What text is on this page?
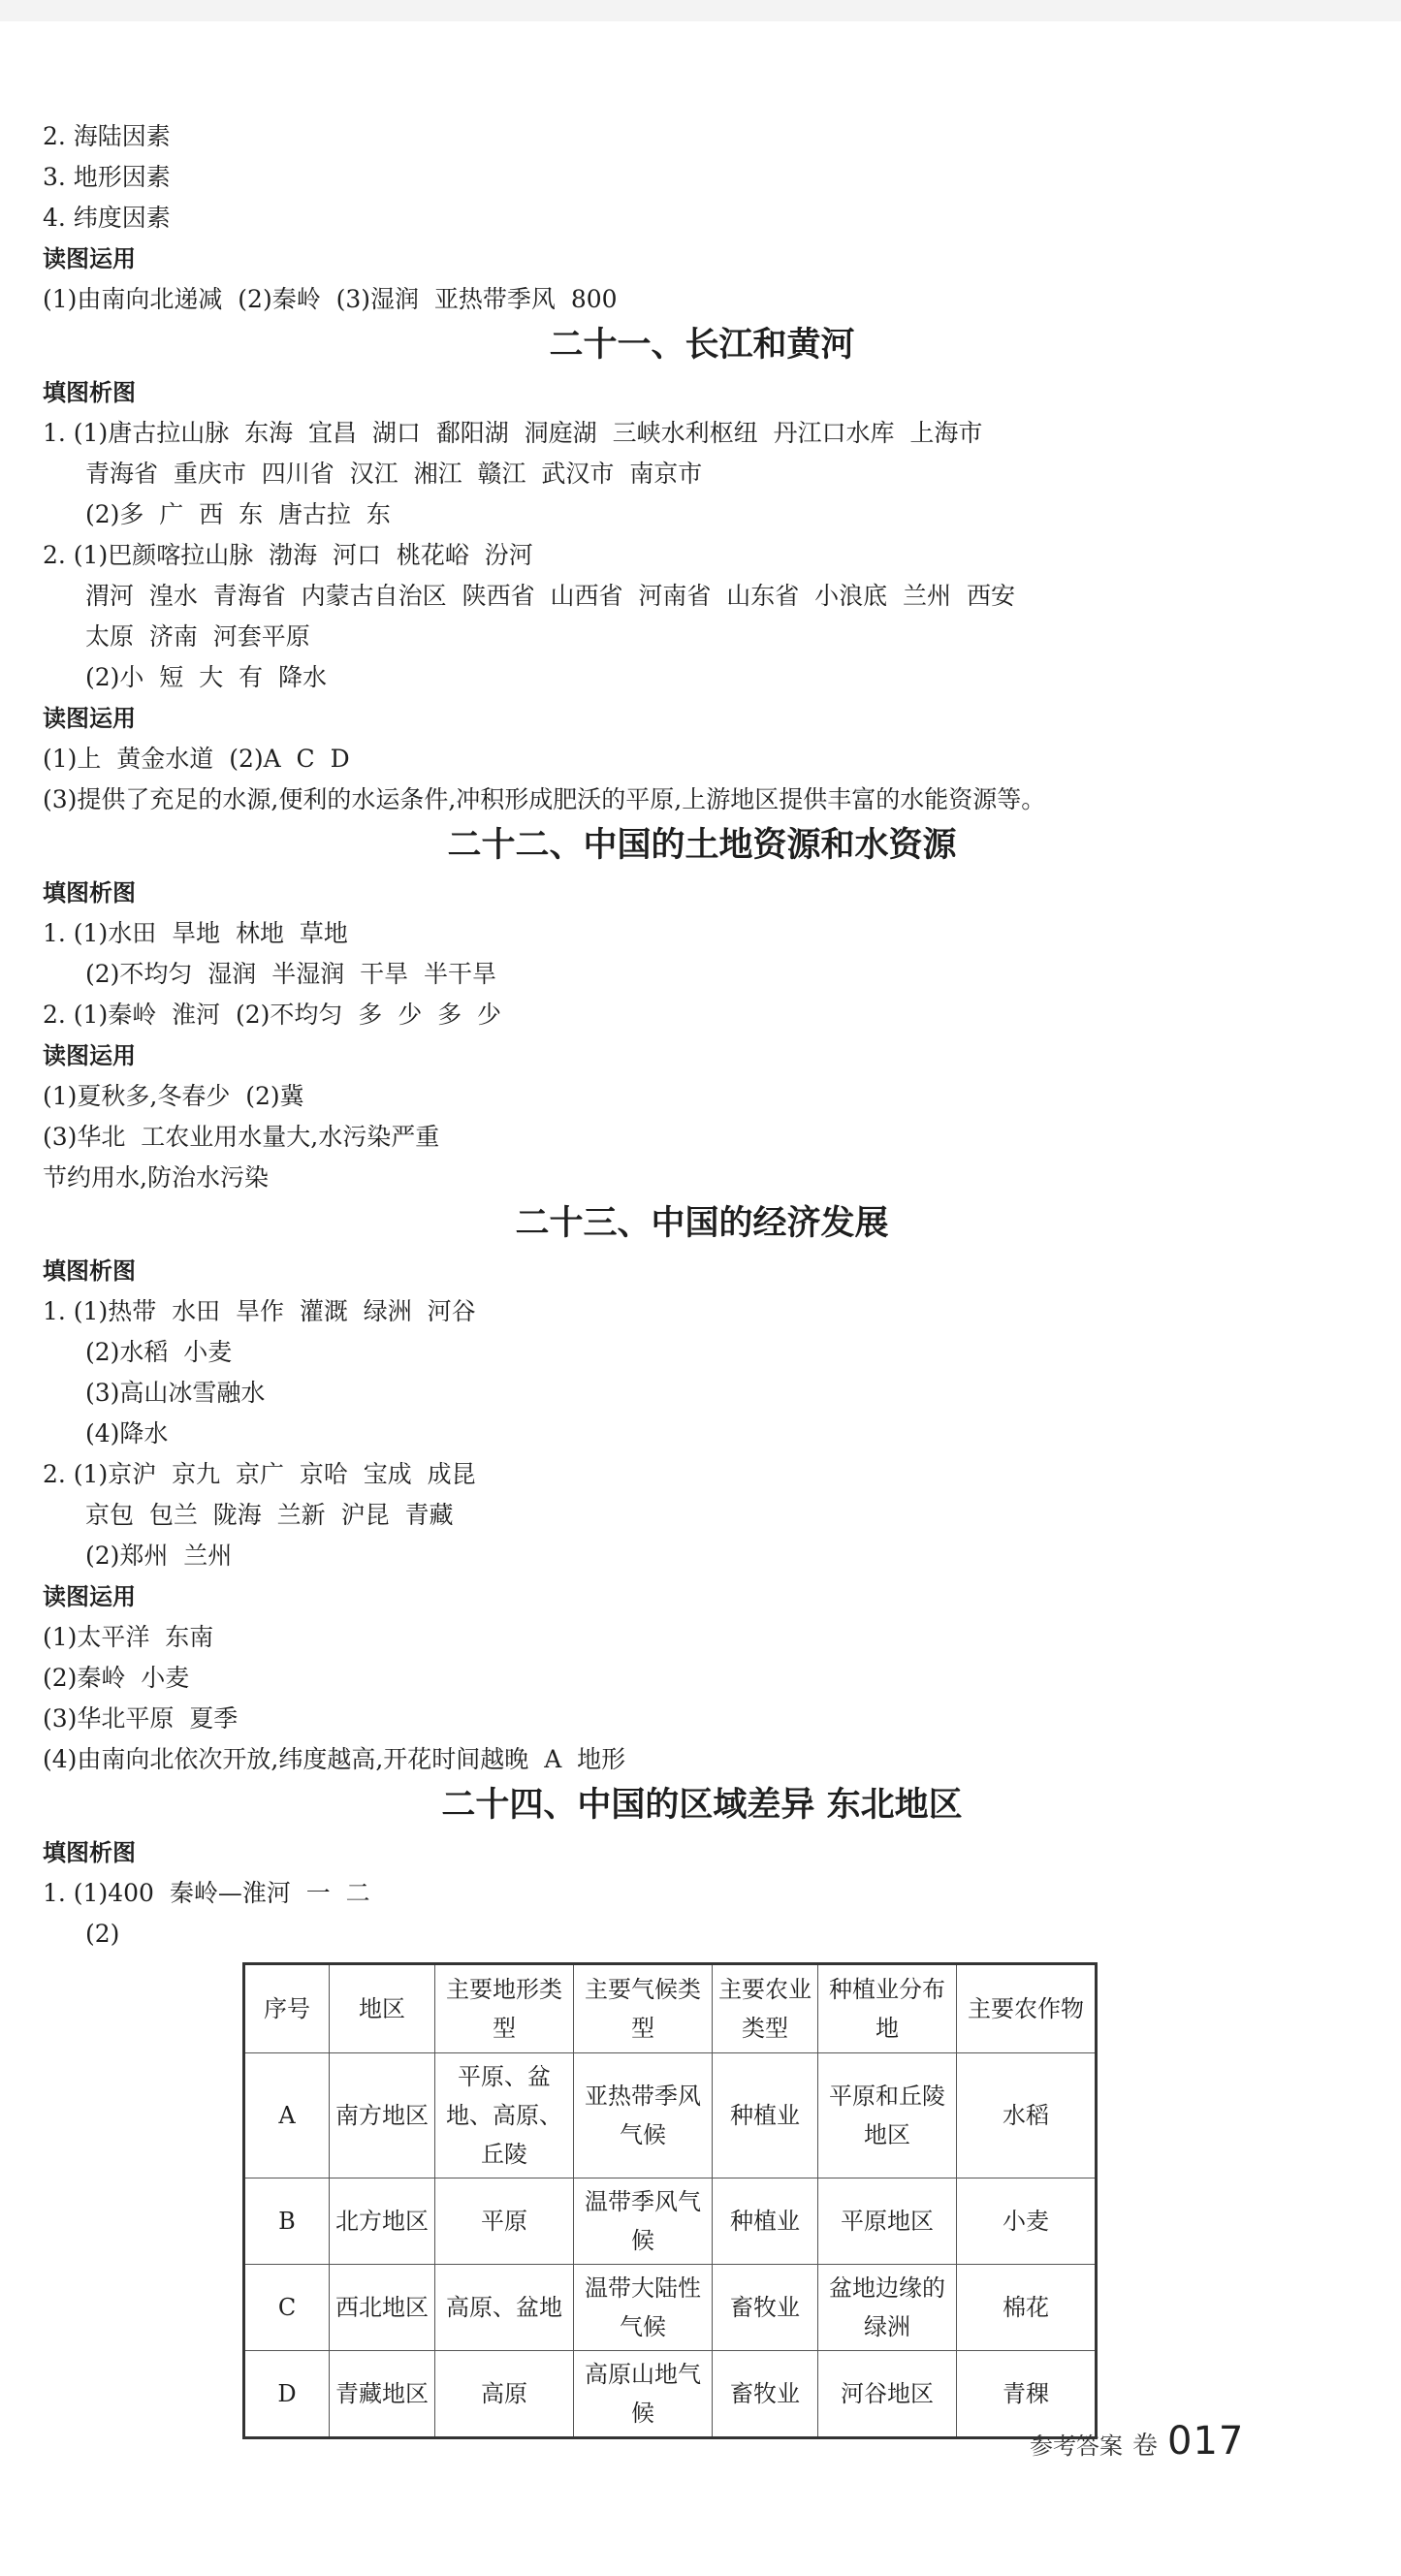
2. 海陆因素
3. 地形因素
4. 纬度因素
读图运用
(1)由南向北递减  (2)秦岭  (3)湿润  亚热带季风  800
二十一、长江和黄河
填图析图
1. (1)唐古拉山脉  东海  宜昌  湖口  鄱阳湖  洞庭湖  三峡水利枢纽  丹江口水库  上海市
青海省  重庆市  四川省  汉江  湘江  赣江  武汉市  南京市
(2)多  广  西  东  唐古拉  东
2. (1)巴颜喀拉山脉  渤海  河口  桃花峪  汾河
渭河  湟水  青海省  内蒙古自治区  陕西省  山西省  河南省  山东省  小浪底  兰州  西安
太原  济南  河套平原
(2)小  短  大  有  降水
读图运用
(1)上  黄金水道  (2)A  C  D
(3)提供了充足的水源,便利的水运条件,冲积形成肥沃的平原,上游地区提供丰富的水能资源等。
二十二、中国的土地资源和水资源
填图析图
1. (1)水田  旱地  林地  草地
(2)不均匀  湿润  半湿润  干旱  半干旱
2. (1)秦岭  淮河  (2)不均匀  多  少  多  少
读图运用
(1)夏秋多,冬春少  (2)冀
(3)华北  工农业用水量大,水污染严重
节约用水,防治水污染
二十三、中国的经济发展
填图析图
1. (1)热带  水田  旱作  灌溉  绿洲  河谷
(2)水稻  小麦
(3)高山冰雪融水
(4)降水
2. (1)京沪  京九  京广  京哈  宝成  成昆
京包  包兰  陇海  兰新  沪昆  青藏
(2)郑州  兰州
读图运用
(1)太平洋  东南
(2)秦岭  小麦
(3)华北平原  夏季
(4)由南向北依次开放,纬度越高,开花时间越晚  A  地形
二十四、中国的区域差异 东北地区
填图析图
1. (1)400  秦岭—淮河  一  二
(2)
序号	地区	主要地形类型	主要气候类型	主要农业类型	种植业分布地	主要农作物
A	南方地区	平原、盆地、高原、丘陵	亚热带季风气候	种植业	平原和丘陵地区	水稻
B	北方地区	平原	温带季风气候	种植业	平原地区	小麦
C	西北地区	高原、盆地	温带大陆性气候	畜牧业	盆地边缘的绿洲	棉花
D	青藏地区	高原	高原山地气候	畜牧业	河谷地区	青稞
参考答案 卷 017
